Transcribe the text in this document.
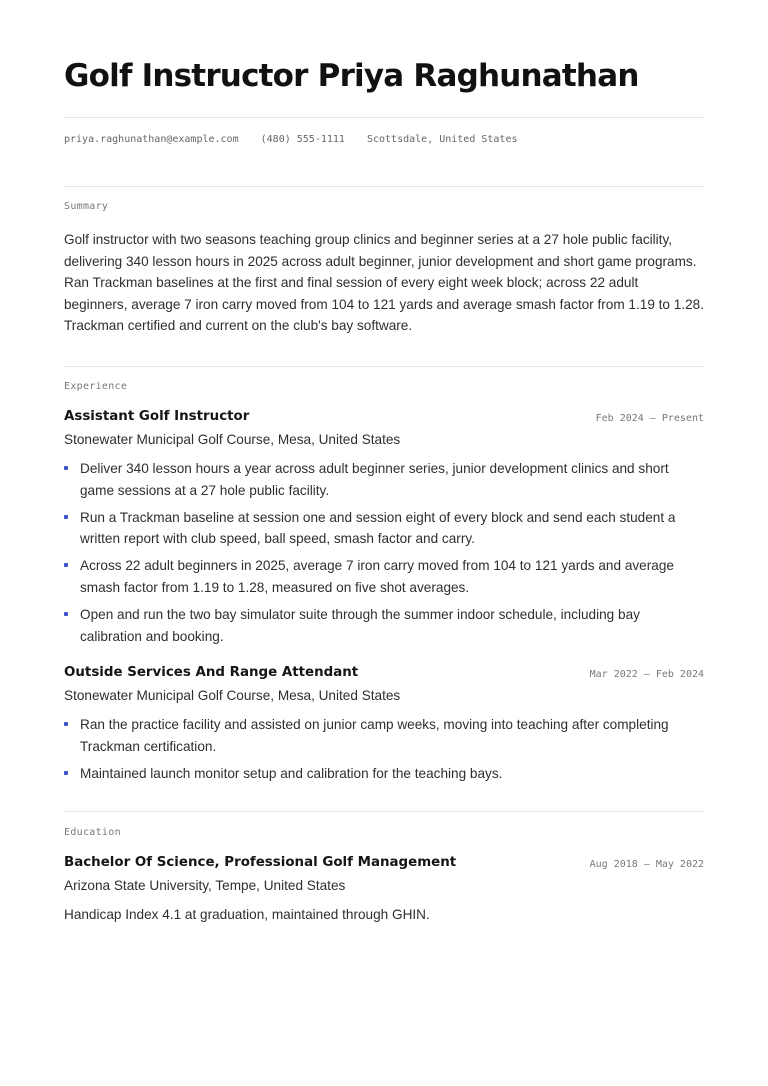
Golf Instructor Priya Raghunathan
priya.raghunathan@example.com (480) 555-1111 Scottsdale, United States
Summary
Golf instructor with two seasons teaching group clinics and beginner series at a 27 hole public facility, delivering 340 lesson hours in 2025 across adult beginner, junior development and short game programs. Ran Trackman baselines at the first and final session of every eight week block; across 22 adult beginners, average 7 iron carry moved from 104 to 121 yards and average smash factor from 1.19 to 1.28. Trackman certified and current on the club's bay software.
Experience
Assistant Golf Instructor	Feb 2024 — Present
Stonewater Municipal Golf Course, Mesa, United States
Deliver 340 lesson hours a year across adult beginner series, junior development clinics and short game sessions at a 27 hole public facility.
Run a Trackman baseline at session one and session eight of every block and send each student a written report with club speed, ball speed, smash factor and carry.
Across 22 adult beginners in 2025, average 7 iron carry moved from 104 to 121 yards and average smash factor from 1.19 to 1.28, measured on five shot averages.
Open and run the two bay simulator suite through the summer indoor schedule, including bay calibration and booking.
Outside Services And Range Attendant	Mar 2022 — Feb 2024
Stonewater Municipal Golf Course, Mesa, United States
Ran the practice facility and assisted on junior camp weeks, moving into teaching after completing Trackman certification.
Maintained launch monitor setup and calibration for the teaching bays.
Education
Bachelor Of Science, Professional Golf Management	Aug 2018 — May 2022
Arizona State University, Tempe, United States
Handicap Index 4.1 at graduation, maintained through GHIN.
